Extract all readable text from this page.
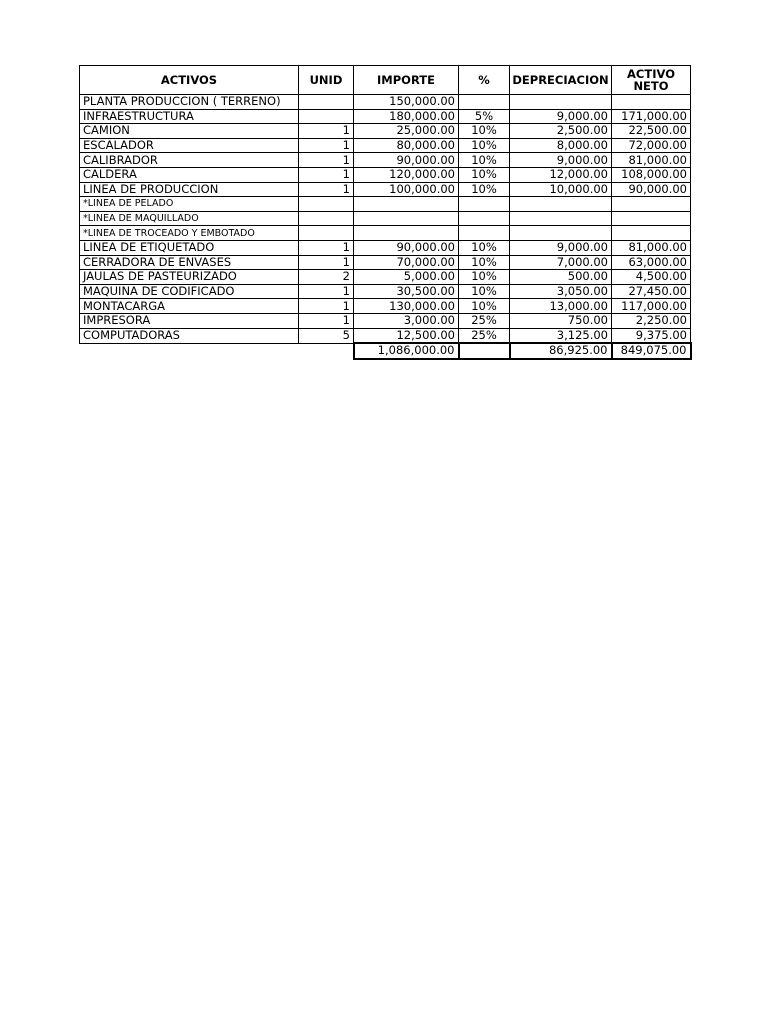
ACTIVOS	UNID	IMPORTE	%	DEPRECIACION	ACTIVO
NETO
PLANTA PRODUCCION ( TERRENO)		150,000.00			
INFRAESTRUCTURA		180,000.00	5%	9,000.00	171,000.00
CAMION	1	25,000.00	10%	2,500.00	22,500.00
ESCALADOR	1	80,000.00	10%	8,000.00	72,000.00
CALIBRADOR	1	90,000.00	10%	9,000.00	81,000.00
CALDERA	1	120,000.00	10%	12,000.00	108,000.00
LINEA DE PRODUCCION	1	100,000.00	10%	10,000.00	90,000.00
*LINEA DE PELADO					
*LINEA DE MAQUILLADO					
*LINEA DE TROCEADO Y EMBOTADO					
LINEA DE ETIQUETADO	1	90,000.00	10%	9,000.00	81,000.00
CERRADORA DE ENVASES	1	70,000.00	10%	7,000.00	63,000.00
JAULAS DE PASTEURIZADO	2	5,000.00	10%	500.00	4,500.00
MAQUINA DE CODIFICADO	1	30,500.00	10%	3,050.00	27,450.00
MONTACARGA	1	130,000.00	10%	13,000.00	117,000.00
IMPRESORA	1	3,000.00	25%	750.00	2,250.00
COMPUTADORAS	5	12,500.00	25%	3,125.00	9,375.00
		1,086,000.00		86,925.00	849,075.00
